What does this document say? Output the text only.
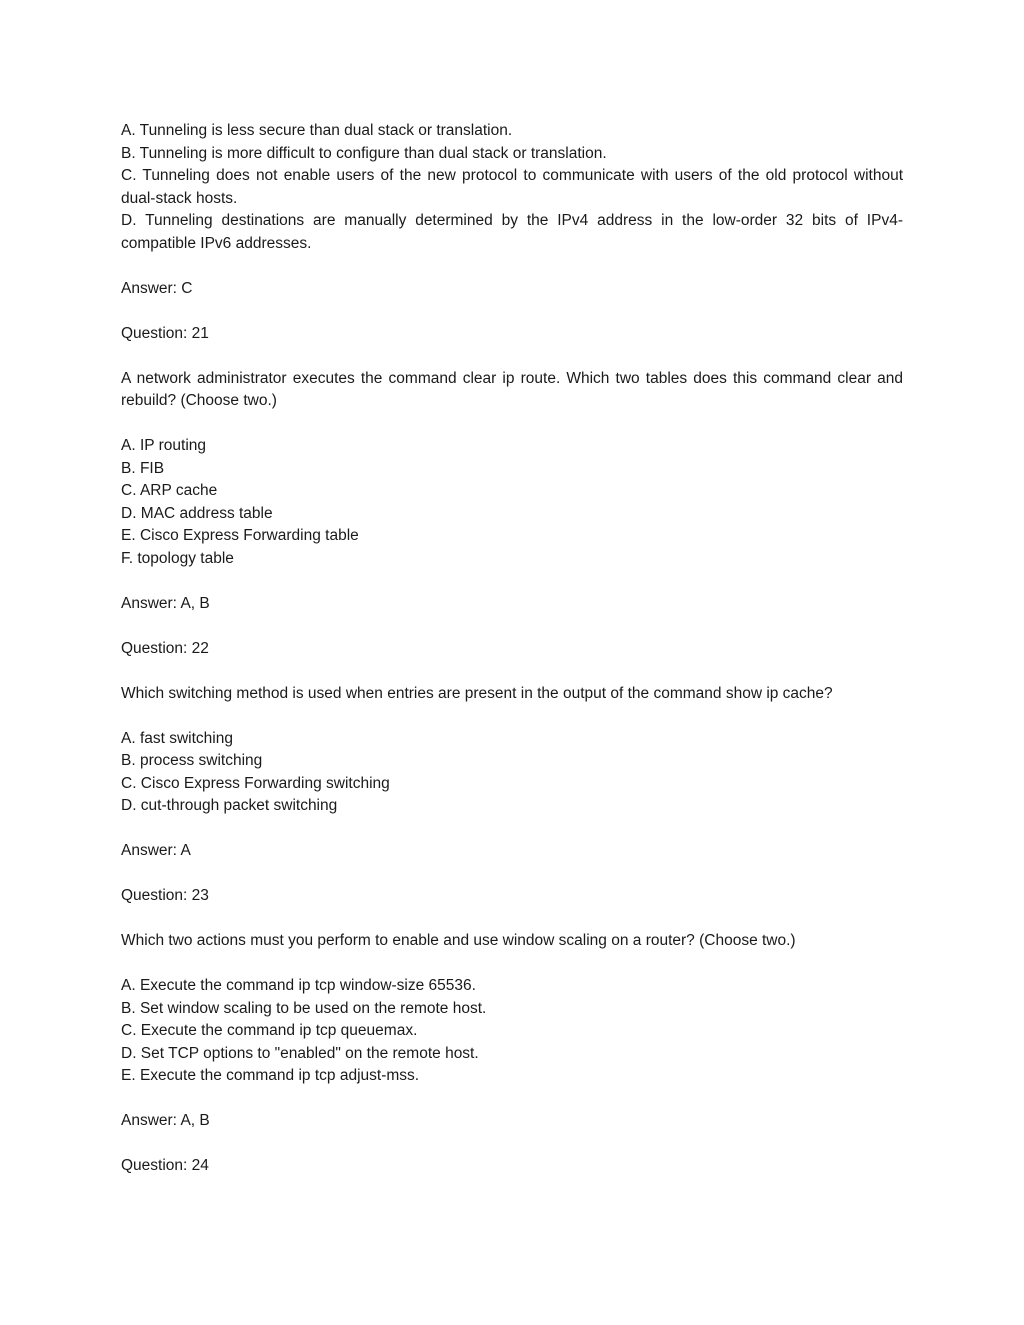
A. Tunneling is less secure than dual stack or translation.

B. Tunneling is more difficult to configure than dual stack or translation.

C. Tunneling does not enable users of the new protocol to communicate with users of the old protocol without dual-stack hosts.

D. Tunneling destinations are manually determined by the IPv4 address in the low-order 32 bits of IPv4-compatible IPv6 addresses.

Answer: C

Question: 21

A network administrator executes the command clear ip route. Which two tables does this command clear and rebuild? (Choose two.)

A. IP routing

B. FIB

C. ARP cache

D. MAC address table

E. Cisco Express Forwarding table

F. topology table

Answer: A, B

Question: 22

Which switching method is used when entries are present in the output of the command show ip cache?

A. fast switching

B. process switching

C. Cisco Express Forwarding switching

D. cut-through packet switching

Answer: A

Question: 23

Which two actions must you perform to enable and use window scaling on a router? (Choose two.)

A. Execute the command ip tcp window-size 65536.

B. Set window scaling to be used on the remote host.

C. Execute the command ip tcp queuemax.

D. Set TCP options to "enabled" on the remote host.

E. Execute the command ip tcp adjust-mss.

Answer: A, B

Question: 24
